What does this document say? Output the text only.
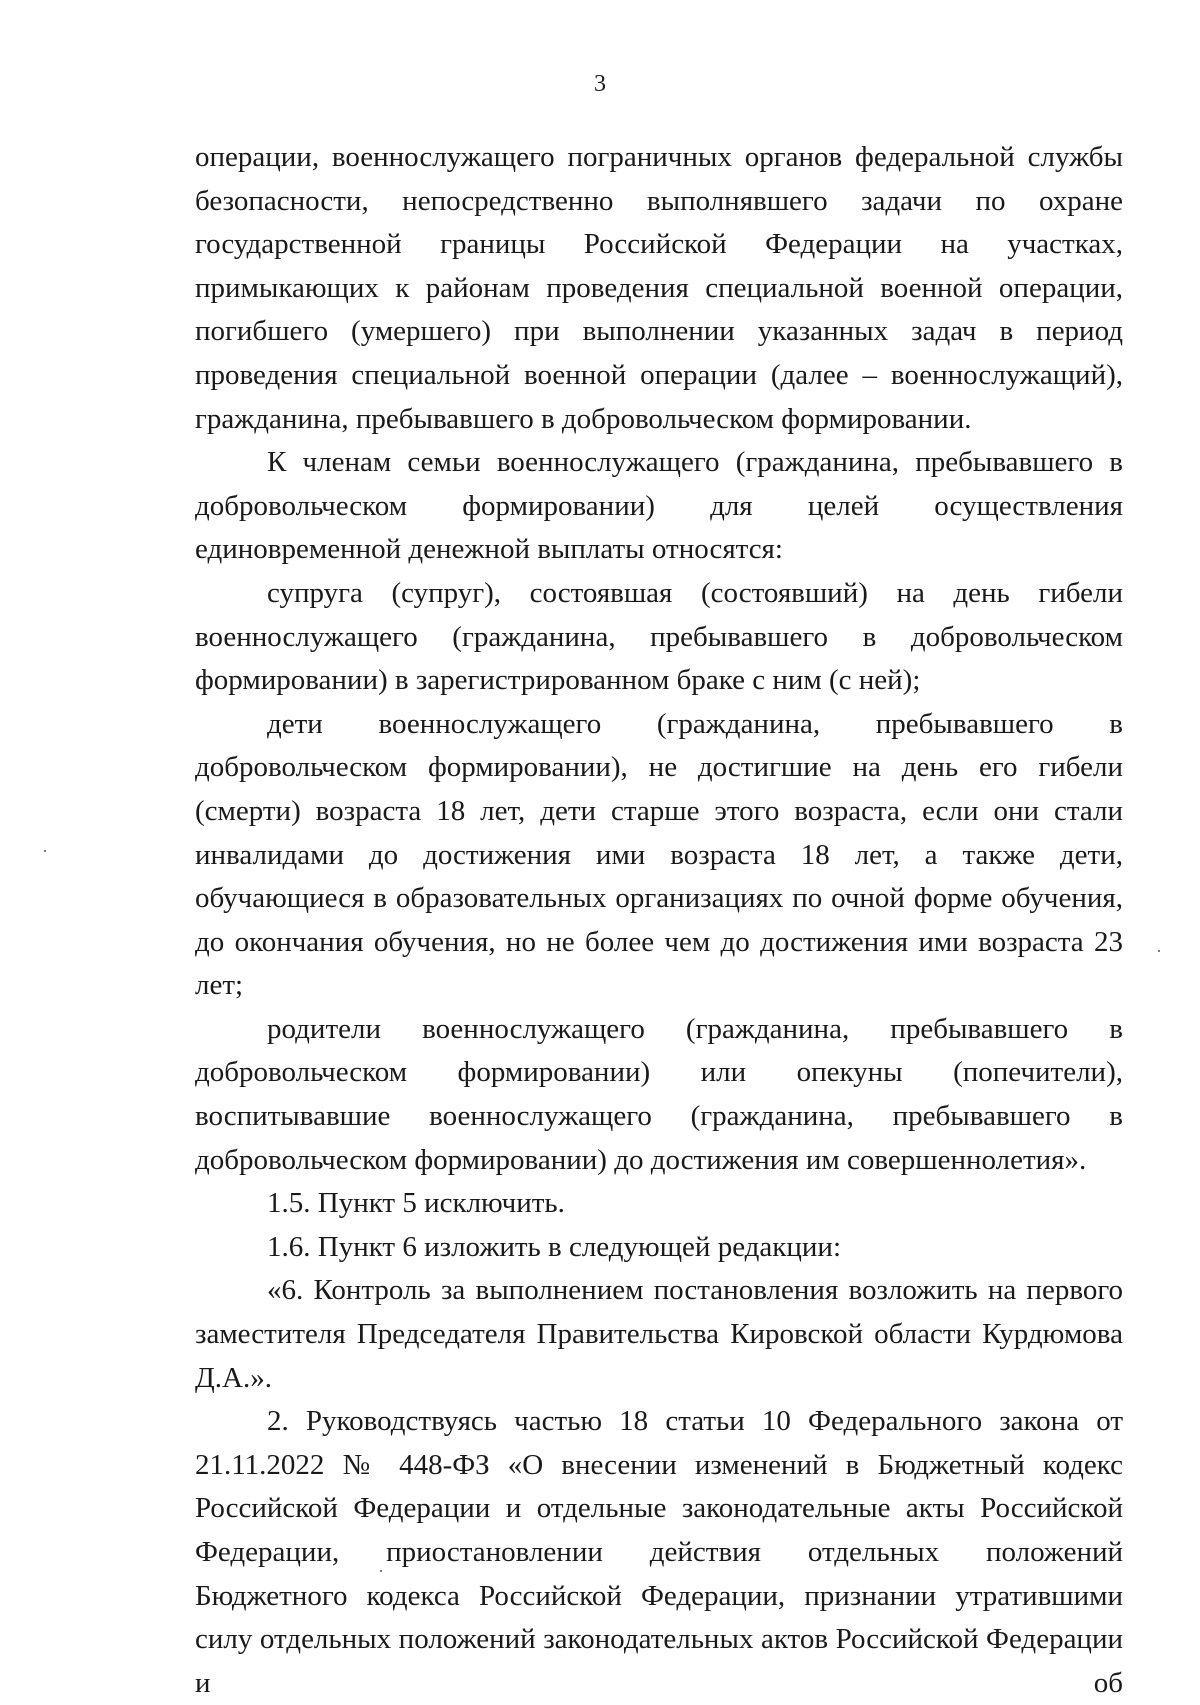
3

операции, военнослужащего пограничных органов федеральной службы безопасности, непосредственно выполнявшего задачи по охране государственной границы Российской Федерации на участках, примыкающих к районам проведения специальной военной операции, погибшего (умершего) при выполнении указанных задач в период проведения специальной военной операции (далее – военнослужащий), гражданина, пребывавшего в добровольческом формировании.

К членам семьи военнослужащего (гражданина, пребывавшего в добровольческом формировании) для целей осуществления единовременной денежной выплаты относятся:

супруга (супруг), состоявшая (состоявший) на день гибели военнослужащего (гражданина, пребывавшего в добровольческом формировании) в зарегистрированном браке с ним (с ней);

дети военнослужащего (гражданина, пребывавшего в добровольческом формировании), не достигшие на день его гибели (смерти) возраста 18 лет, дети старше этого возраста, если они стали инвалидами до достижения ими возраста 18 лет, а также дети, обучающиеся в образовательных организациях по очной форме обучения, до окончания обучения, но не более чем до достижения ими возраста 23 лет;

родители военнослужащего (гражданина, пребывавшего в добровольческом формировании) или опекуны (попечители), воспитывавшие военнослужащего (гражданина, пребывавшего в добровольческом формировании) до достижения им совершеннолетия».

1.5. Пункт 5 исключить.

1.6. Пункт 6 изложить в следующей редакции:

«6. Контроль за выполнением постановления возложить на первого заместителя Председателя Правительства Кировской области Курдюмова Д.А.».

2. Руководствуясь частью 18 статьи 10 Федерального закона от 21.11.2022 № 448-ФЗ «О внесении изменений в Бюджетный кодекс Российской Федерации и отдельные законодательные акты Российской Федерации, приостановлении действия отдельных положений Бюджетного кодекса Российской Федерации, признании утратившими силу отдельных положений законодательных актов Российской Федерации и об
